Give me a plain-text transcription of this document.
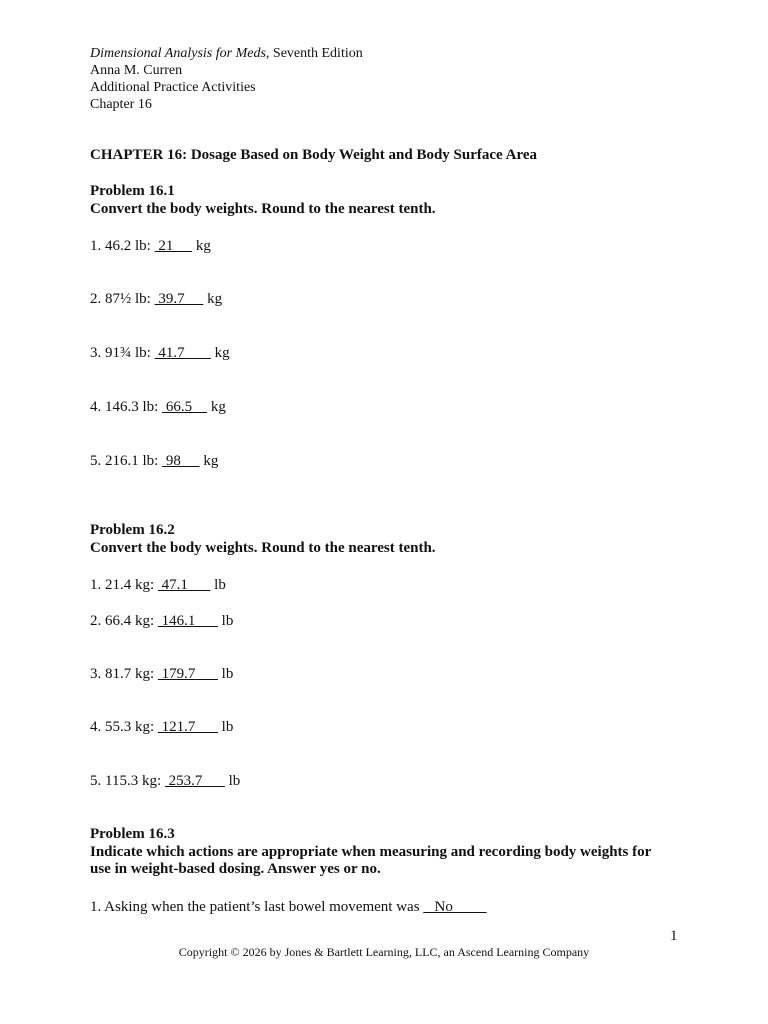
Dimensional Analysis for Meds, Seventh Edition
Anna M. Curren
Additional Practice Activities
Chapter 16
CHAPTER 16: Dosage Based on Body Weight and Body Surface Area
Problem 16.1
Convert the body weights. Round to the nearest tenth.
1. 46.2 lb:  21      kg
2. 87½ lb:  39.7      kg
3. 91¾ lb:  41.7        kg
4. 146.3 lb:  66.5     kg
5. 216.1 lb:  98      kg
Problem 16.2
Convert the body weights. Round to the nearest tenth.
1. 21.4 kg:  47.1       lb
2. 66.4 kg:  146.1       lb
3. 81.7 kg:  179.7       lb
4. 55.3 kg:  121.7       lb
5. 115.3 kg:  253.7       lb
Problem 16.3
Indicate which actions are appropriate when measuring and recording body weights for
use in weight-based dosing. Answer yes or no.
1. Asking when the patient’s last bowel movement was    No
1
Copyright © 2026 by Jones & Bartlett Learning, LLC, an Ascend Learning Company
